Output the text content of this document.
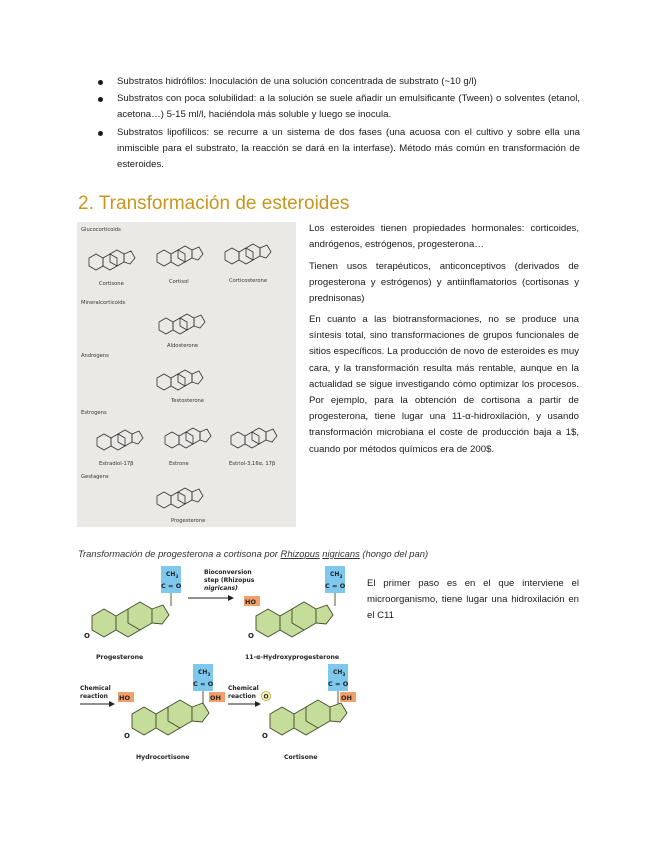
Substratos hidrófilos: Inoculación de una solución concentrada de substrato (~10 g/l)
Substratos con poca solubilidad: a la solución se suele añadir un emulsificante (Tween) o solventes (etanol, acetona…) 5-15 ml/l, haciéndola más soluble y luego se inocula.
Substratos lipofílicos: se recurre a un sistema de dos fases (una acuosa con el cultivo y sobre ella una inmiscible para el substrato, la reacción se dará en la interfase). Método más común en transformación de esteroides.
2. Transformación de esteroides
Glucocorticoids
Cortisone	Cortisol	Corticosterone
Mineralcorticoids
Aldosterone
Androgens
Testosterone
Estrogens
Estradiol-17β	Estrone	Estriol-3,16α, 17β
Gestagens
Progesterone

Los esteroides tienen propiedades hormonales: corticoides, andrógenos, estrógenos, progesterona…

Tienen usos terapéuticos, anticonceptivos (derivados de progesterona y estrógenos) y antiinflamatorios (cortisonas y prednisonas)

En cuanto a las biotransformaciones, no se produce una síntesis total, sino transformaciones de grupos funcionales de sitios específicos. La producción de novo de esteroides es muy cara, y la transformación resulta más rentable, aunque en la actualidad se sigue investigando cómo optimizar los procesos. Por ejemplo, para la obtención de cortisona a partir de progesterona, tiene lugar una 11-α-hidroxilación, y usando transformación microbiana el coste de producción baja a 1$, cuando por métodos químicos era de 200$.

Transformación de progesterona a cortisona por Rhizopus nigricans (hongo del pan)

$CH_3$
C = O
O
Progesterone
Bioconversion
step (Rhizopus
nigricans)
$CH_3$
C = O
HO
O
11-α-Hydroxyprogesterone
Chemical
reaction
$CH_3$
C = O
HO	OH
O
Hydrocortisone
Chemical
reaction
$CH_3$
C = O
O	OH
O
Cortisone

El primer paso es en el que interviene el microorganismo, tiene lugar una hidroxilación en el C11
